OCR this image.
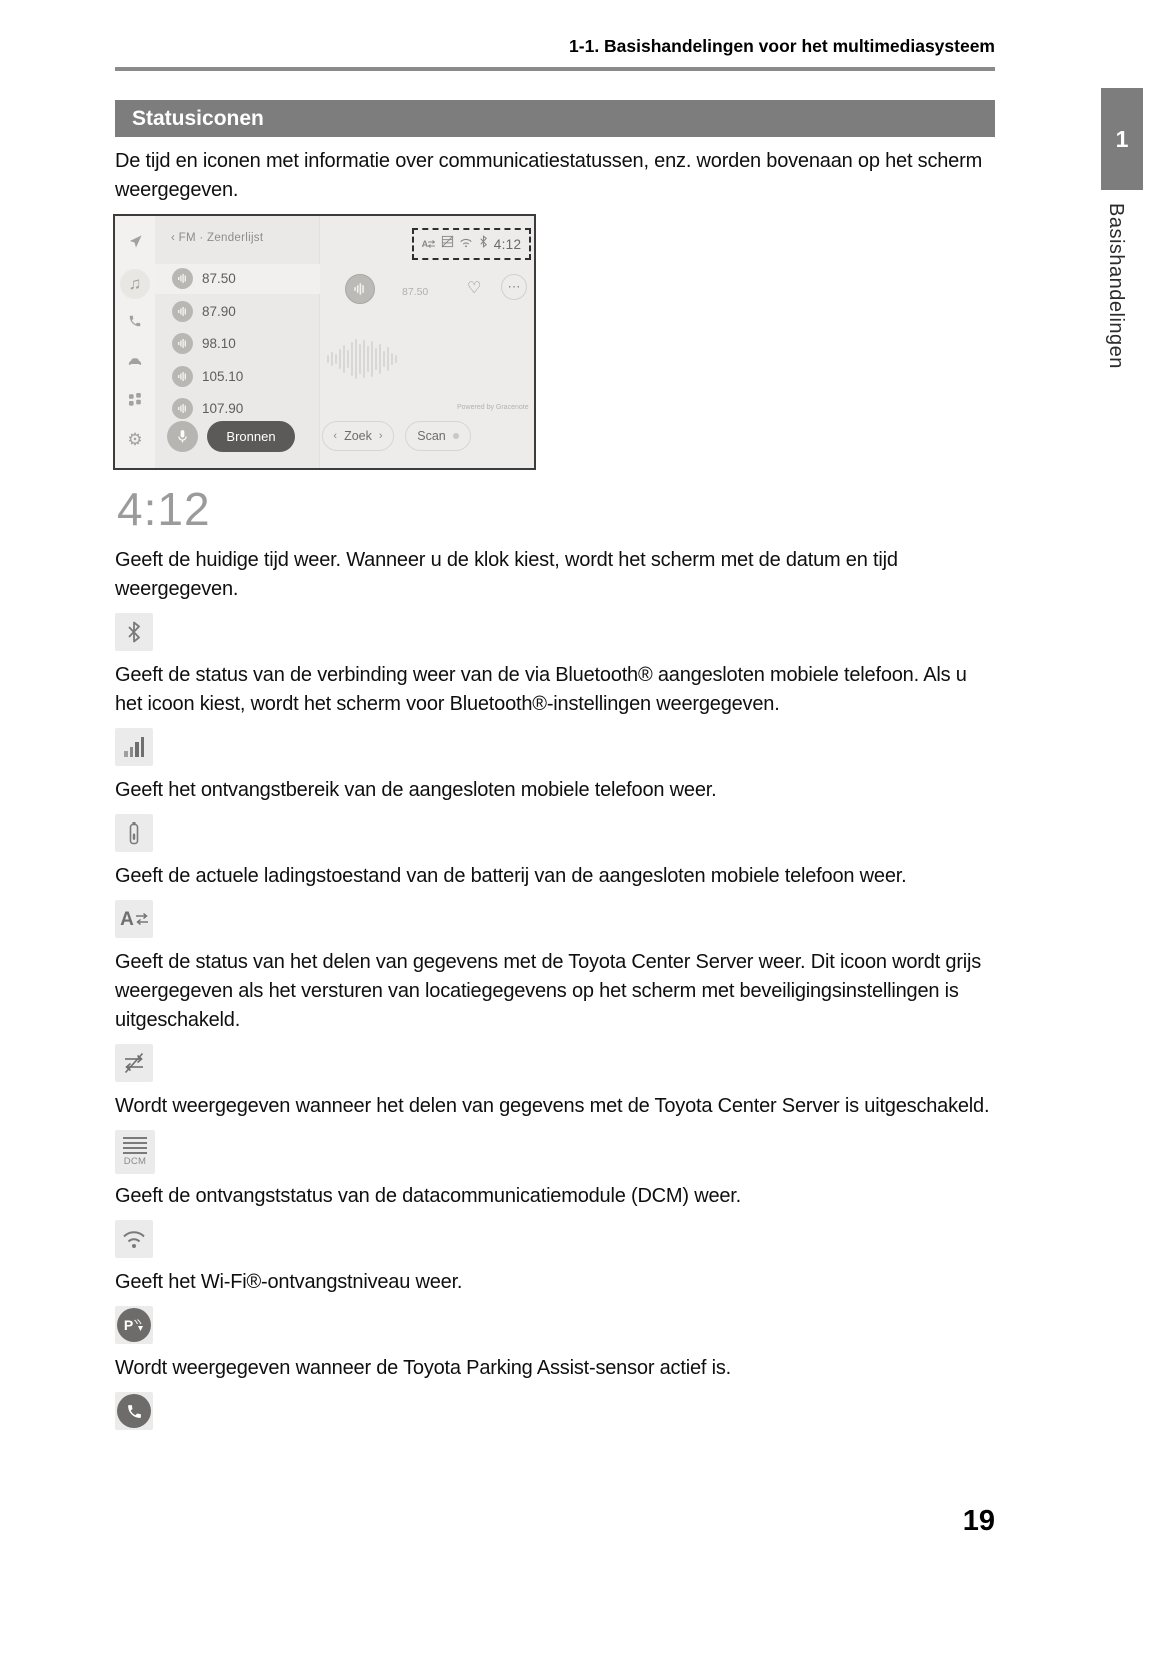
1-1. Basishandelingen voor het multimediasysteem
Statusiconen
1
Basishandelingen

De tijd en iconen met informatie over communicatiestatussen, enz. worden bovenaan op het scherm weergegeven.

‹ FM · Zenderlijst
87.50
87.90
98.10
105.10
107.90
♫
⚙
A	4:12
87.50 ♡	⋯
Powered by Gracenote
Bronnen	‹ Zoek ›	Scan
4:12

Geeft de huidige tijd weer. Wanneer u de klok kiest, wordt het scherm met de datum en tijd weergegeven.

Geeft de status van de verbinding weer van de via Bluetooth® aangesloten mobiele telefoon. Als u het icoon kiest, wordt het scherm voor Bluetooth®-instellingen weergegeven.

Geeft het ontvangstbereik van de aangesloten mobiele telefoon weer.

Geeft de actuele ladingstoestand van de batterij van de aangesloten mobiele telefoon weer.

A

Geeft de status van het delen van gegevens met de Toyota Center Server weer. Dit icoon wordt grijs weergegeven als het versturen van locatiegegevens op het scherm met beveiligingsinstellingen is uitgeschakeld.

Wordt weergegeven wanneer het delen van gegevens met de Toyota Center Server is uitgeschakeld.

DCM

Geeft de ontvangststatus van de datacommunicatiemodule (DCM) weer.

Geeft het Wi-Fi®-ontvangstniveau weer.

P

Wordt weergegeven wanneer de Toyota Parking Assist-sensor actief is.

19
